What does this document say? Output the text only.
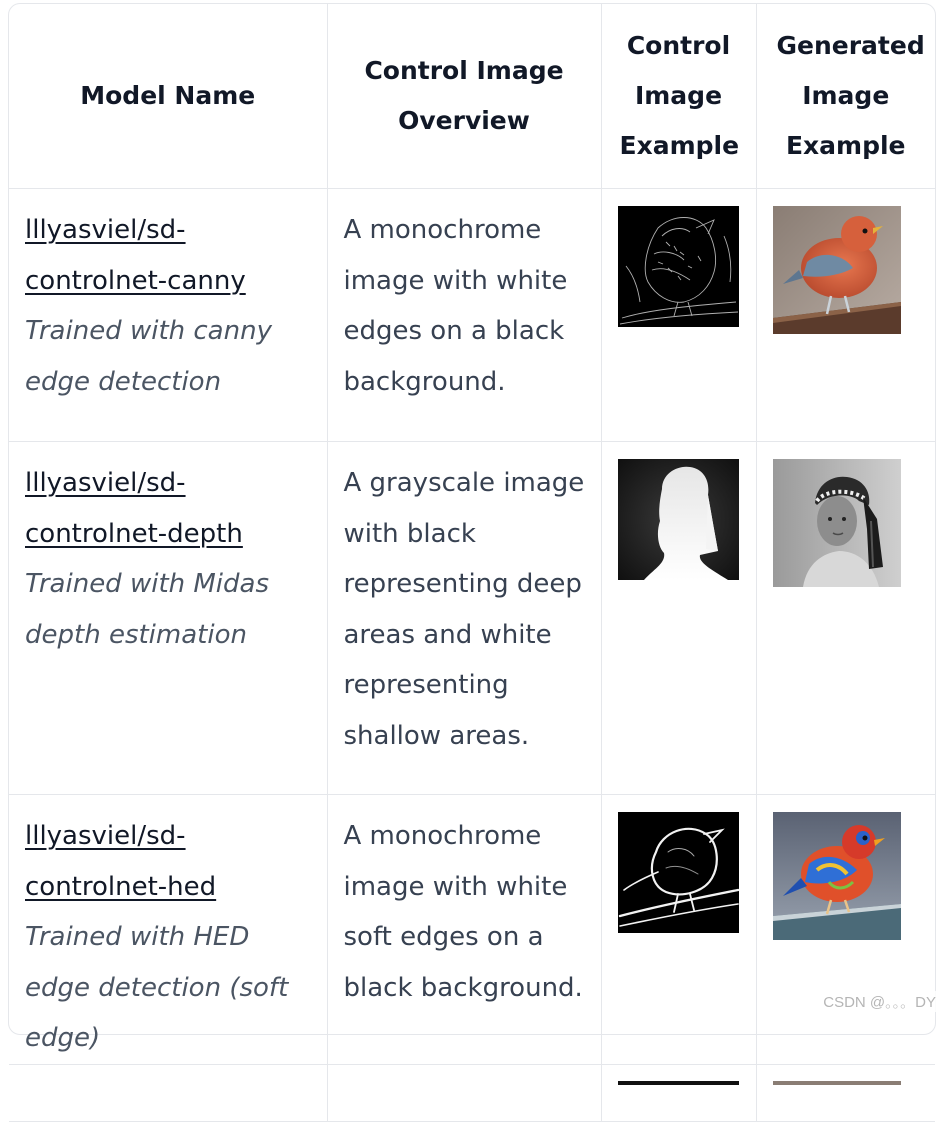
Model Name	Control Image Overview	Control Image Example	Generated Image Example

lllyasviel/sd-controlnet-canny
Trained with canny edge detection	A monochrome image with white edges on a black background.

lllyasviel/sd-controlnet-depth
Trained with Midas depth estimation	A grayscale image with black representing deep areas and white representing shallow areas.

lllyasviel/sd-controlnet-hed
Trained with HED edge detection (soft edge)	A monochrome image with white soft edges on a black background.

		CSDN @。。。DY
